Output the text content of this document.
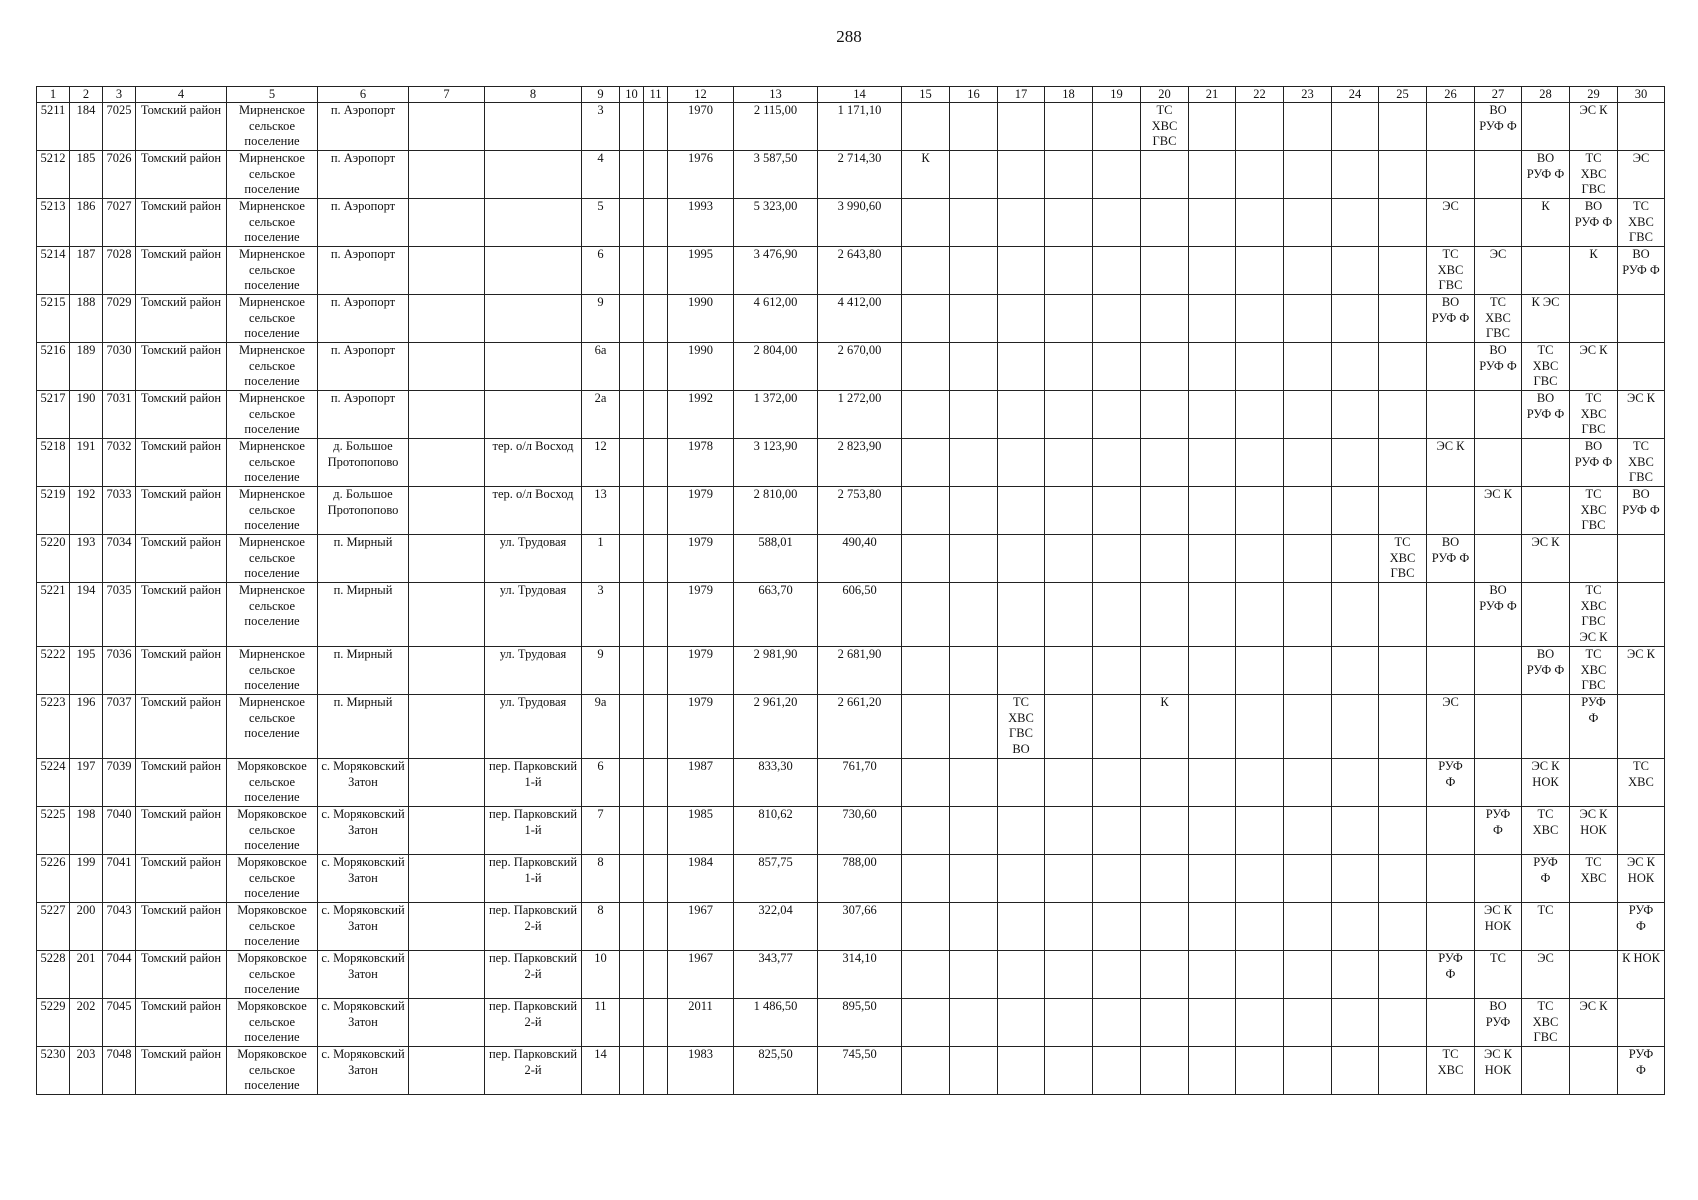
288
1	2	3	4	5	6	7	8	9	10	11	12	13	14	15	16	17	18	19	20	21	22	23	24	25	26	27	28	29	30
5211	184	7025	Томский район	Мирненское сельское поселение	п. Аэропорт			3			1970	2 115,00	1 171,10						ТС
ХВС
ГВС							ВО
РУФ Ф		ЭС К	
5212	185	7026	Томский район	Мирненское сельское поселение	п. Аэропорт			4			1976	3 587,50	2 714,30	К													ВО
РУФ Ф	ТС
ХВС
ГВС	ЭС
5213	186	7027	Томский район	Мирненское сельское поселение	п. Аэропорт			5			1993	5 323,00	3 990,60												ЭС		К	ВО
РУФ Ф	ТС
ХВС
ГВС
5214	187	7028	Томский район	Мирненское сельское поселение	п. Аэропорт			6			1995	3 476,90	2 643,80												ТС
ХВС
ГВС	ЭС		К	ВО
РУФ Ф
5215	188	7029	Томский район	Мирненское сельское поселение	п. Аэропорт			9			1990	4 612,00	4 412,00												ВО
РУФ Ф	ТС
ХВС
ГВС	К ЭС		
5216	189	7030	Томский район	Мирненское сельское поселение	п. Аэропорт			6а			1990	2 804,00	2 670,00													ВО
РУФ Ф	ТС
ХВС
ГВС	ЭС К	
5217	190	7031	Томский район	Мирненское сельское поселение	п. Аэропорт			2а			1992	1 372,00	1 272,00														ВО
РУФ Ф	ТС
ХВС
ГВС	ЭС К
5218	191	7032	Томский район	Мирненское сельское поселение	д. Большое Протопопово		тер. о/л Восход	12			1978	3 123,90	2 823,90												ЭС К			ВО
РУФ Ф	ТС
ХВС
ГВС
5219	192	7033	Томский район	Мирненское сельское поселение	д. Большое Протопопово		тер. о/л Восход	13			1979	2 810,00	2 753,80													ЭС К		ТС
ХВС
ГВС	ВО
РУФ Ф
5220	193	7034	Томский район	Мирненское сельское поселение	п. Мирный		ул. Трудовая	1			1979	588,01	490,40											ТС
ХВС
ГВС	ВО
РУФ Ф		ЭС К		
5221	194	7035	Томский район	Мирненское сельское поселение	п. Мирный		ул. Трудовая	3			1979	663,70	606,50													ВО
РУФ Ф		ТС
ХВС
ГВС
ЭС К	
5222	195	7036	Томский район	Мирненское сельское поселение	п. Мирный		ул. Трудовая	9			1979	2 981,90	2 681,90														ВО
РУФ Ф	ТС
ХВС
ГВС	ЭС К
5223	196	7037	Томский район	Мирненское сельское поселение	п. Мирный		ул. Трудовая	9а			1979	2 961,20	2 661,20			ТС
ХВС
ГВС
ВО			К						ЭС			РУФ
Ф	
5224	197	7039	Томский район	Моряковское сельское поселение	с. Моряковский Затон		пер. Парковский 1-й	6			1987	833,30	761,70												РУФ
Ф		ЭС К
НОК		ТС
ХВС
5225	198	7040	Томский район	Моряковское сельское поселение	с. Моряковский Затон		пер. Парковский 1-й	7			1985	810,62	730,60													РУФ
Ф	ТС
ХВС	ЭС К
НОК	
5226	199	7041	Томский район	Моряковское сельское поселение	с. Моряковский Затон		пер. Парковский 1-й	8			1984	857,75	788,00														РУФ
Ф	ТС
ХВС	ЭС К
НОК
5227	200	7043	Томский район	Моряковское сельское поселение	с. Моряковский Затон		пер. Парковский 2-й	8			1967	322,04	307,66													ЭС К
НОК	ТС		РУФ
Ф
5228	201	7044	Томский район	Моряковское сельское поселение	с. Моряковский Затон		пер. Парковский 2-й	10			1967	343,77	314,10												РУФ
Ф	ТС	ЭС		К НОК
5229	202	7045	Томский район	Моряковское сельское поселение	с. Моряковский Затон		пер. Парковский 2-й	11			2011	1 486,50	895,50													ВО
РУФ	ТС
ХВС
ГВС	ЭС К	
5230	203	7048	Томский район	Моряковское сельское поселение	с. Моряковский Затон		пер. Парковский 2-й	14			1983	825,50	745,50												ТС
ХВС	ЭС К
НОК			РУФ
Ф
